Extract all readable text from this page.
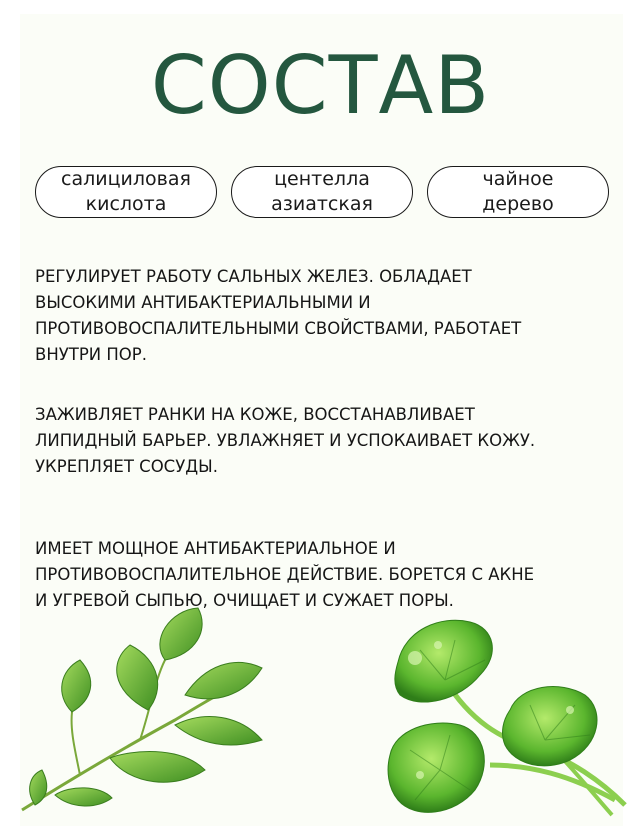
СОСТАВ
салициловая
кислота
центелла
азиатская
чайное
дерево

РЕГУЛИРУЕТ РАБОТУ САЛЬНЫХ ЖЕЛЕЗ. ОБЛАДАЕТ
ВЫСОКИМИ АНТИБАКТЕРИАЛЬНЫМИ И
ПРОТИВОВОСПАЛИТЕЛЬНЫМИ СВОЙСТВАМИ, РАБОТАЕТ
ВНУТРИ ПОР.

ЗАЖИВЛЯЕТ РАНКИ НА КОЖЕ, ВОССТАНАВЛИВАЕТ
ЛИПИДНЫЙ БАРЬЕР. УВЛАЖНЯЕТ И УСПОКАИВАЕТ КОЖУ.
УКРЕПЛЯЕТ СОСУДЫ.

ИМЕЕТ МОЩНОЕ АНТИБАКТЕРИАЛЬНОЕ И
ПРОТИВОВОСПАЛИТЕЛЬНОЕ ДЕЙСТВИЕ. БОРЕТСЯ С АКНЕ
И УГРЕВОЙ СЫПЬЮ, ОЧИЩАЕТ И СУЖАЕТ ПОРЫ.
